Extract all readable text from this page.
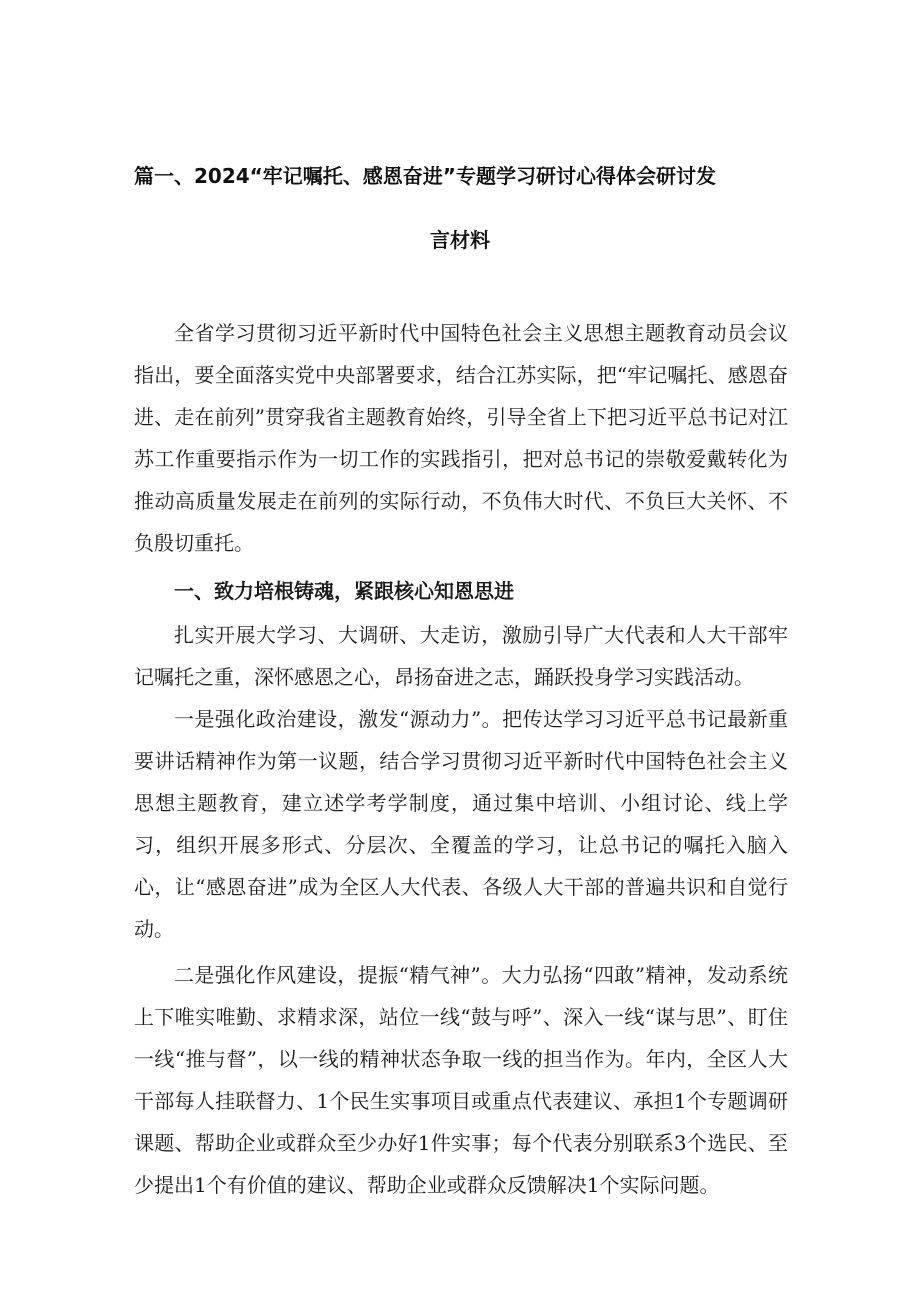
篇一、2024“牢记嘱托、感恩奋进”专题学习研讨心得体会研讨发
言材料

全省学习贯彻习近平新时代中国特色社会主义思想主题教育动员会议指出，要全面落实党中央部署要求，结合江苏实际，把“牢记嘱托、感恩奋进、走在前列”贯穿我省主题教育始终，引导全省上下把习近平总书记对江苏工作重要指示作为一切工作的实践指引，把对总书记的崇敬爱戴转化为推动高质量发展走在前列的实际行动，不负伟大时代、不负巨大关怀、不负殷切重托。

一、致力培根铸魂，紧跟核心知恩思进

扎实开展大学习、大调研、大走访，激励引导广大代表和人大干部牢记嘱托之重，深怀感恩之心，昂扬奋进之志，踊跃投身学习实践活动。

一是强化政治建设，激发“源动力”。把传达学习习近平总书记最新重要讲话精神作为第一议题，结合学习贯彻习近平新时代中国特色社会主义思想主题教育，建立述学考学制度，通过集中培训、小组讨论、线上学习，组织开展多形式、分层次、全覆盖的学习，让总书记的嘱托入脑入心，让“感恩奋进”成为全区人大代表、各级人大干部的普遍共识和自觉行动。

二是强化作风建设，提振“精气神”。大力弘扬“四敢”精神，发动系统上下唯实唯勤、求精求深，站位一线“鼓与呼”、深入一线“谋与思”、盯住一线“推与督”，以一线的精神状态争取一线的担当作为。年内，全区人大干部每人挂联督力、1个民生实事项目或重点代表建议、承担1个专题调研课题、帮助企业或群众至少办好1件实事；每个代表分别联系3个选民、至少提出1个有价值的建议、帮助企业或群众反馈解决1个实际问题。
